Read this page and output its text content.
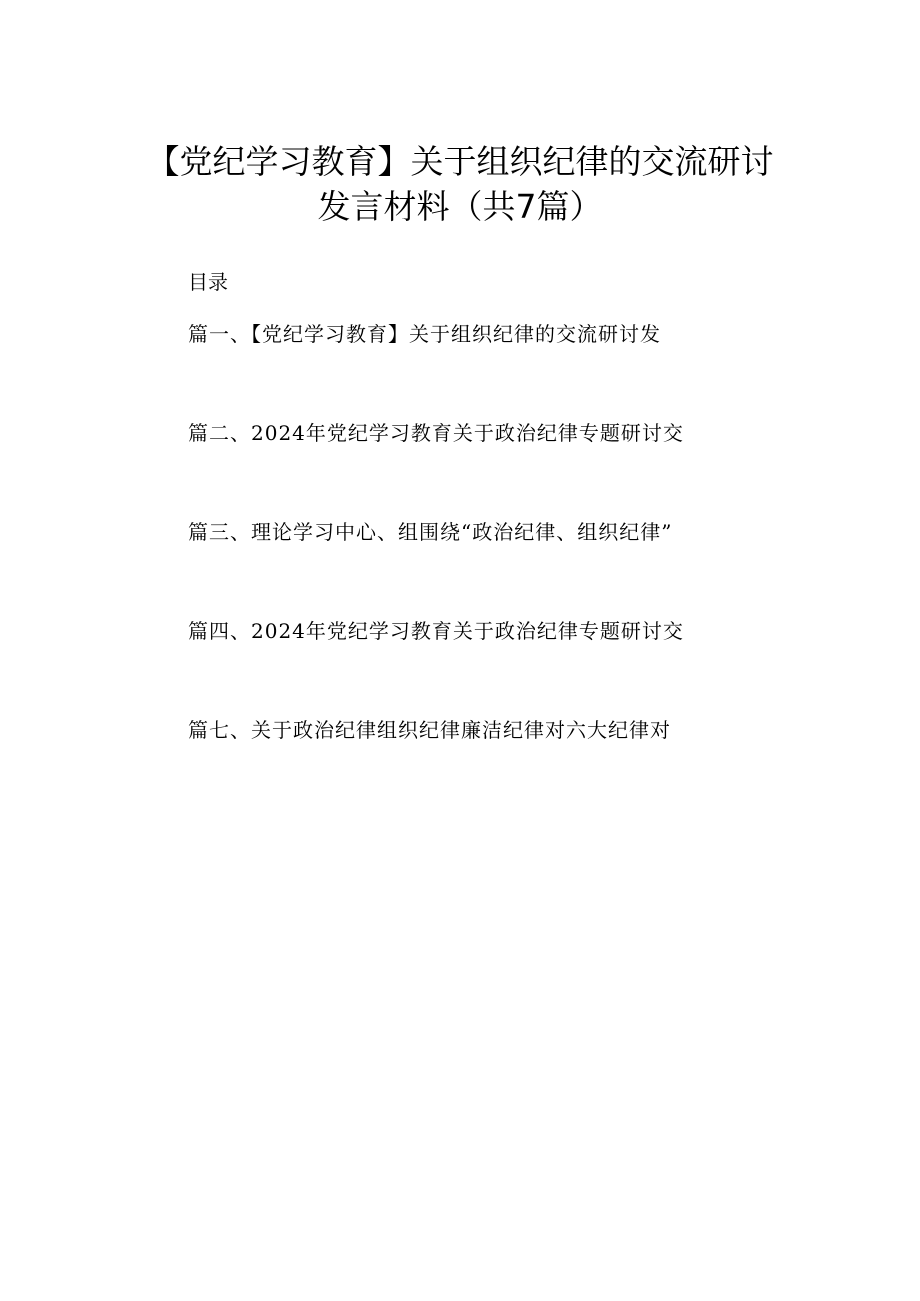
【党纪学习教育】关于组织纪律的交流研讨
发言材料（共7篇）
目录
篇一、【党纪学习教育】关于组织纪律的交流研讨发
篇二、2024年党纪学习教育关于政治纪律专题研讨交
篇三、理论学习中心、组围绕“政治纪律、组织纪律”
篇四、2024年党纪学习教育关于政治纪律专题研讨交
篇七、关于政治纪律组织纪律廉洁纪律对六大纪律对
